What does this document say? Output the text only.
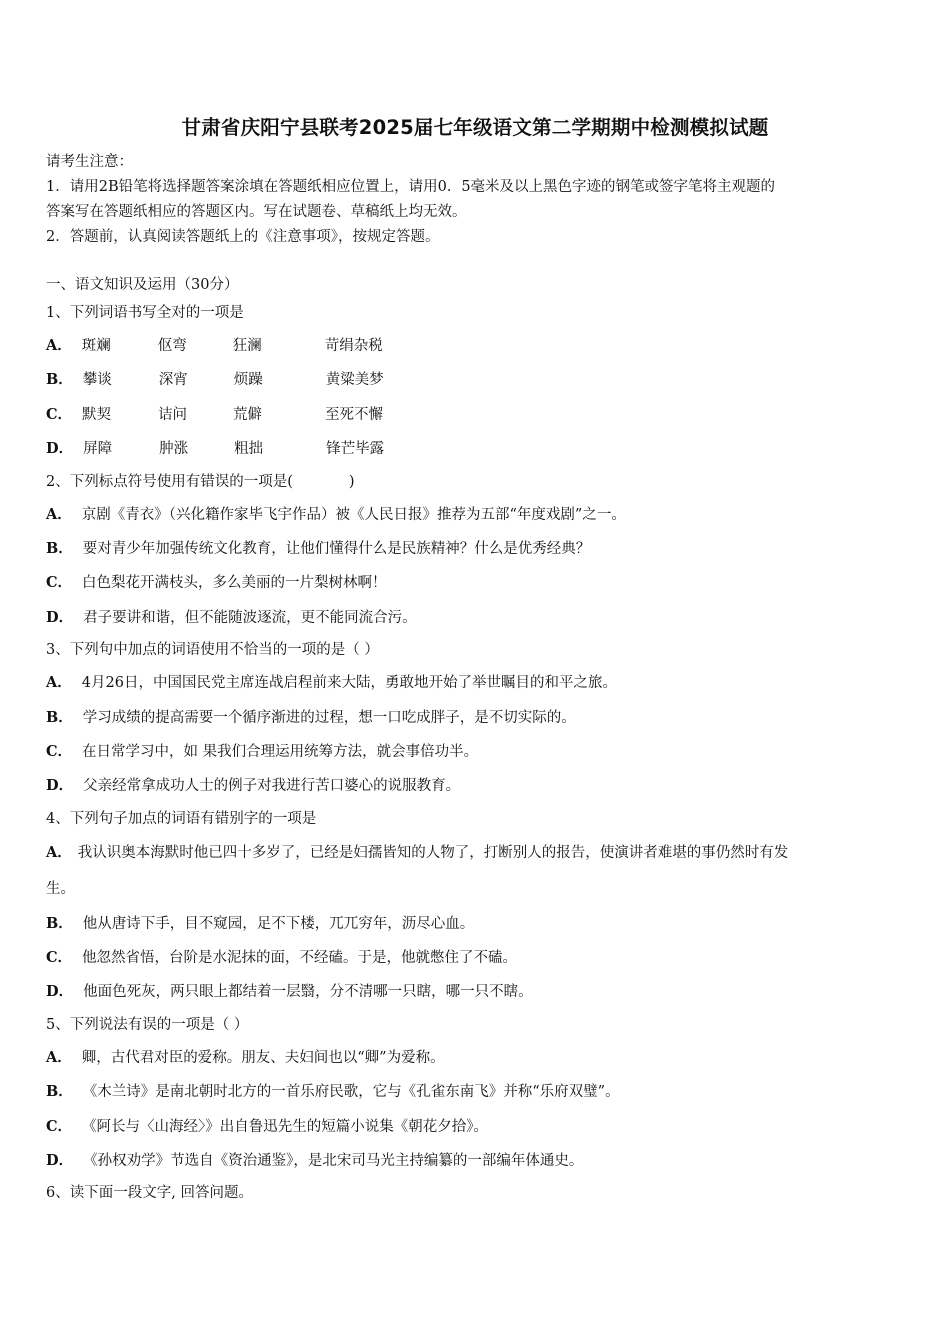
甘肃省庆阳宁县联考2025届七年级语文第二学期期中检测模拟试题
请考生注意：
1．请用2B铅笔将选择题答案涂填在答题纸相应位置上，请用0．5毫米及以上黑色字迹的钢笔或签字笔将主观题的
答案写在答题纸相应的答题区内。写在试题卷、草稿纸上均无效。
2．答题前，认真阅读答题纸上的《注意事项》，按规定答题。
一、语文知识及运用（30分）
1、下列词语书写全对的一项是
A． 斑斓	伛弯	狂澜	苛绢杂税
B． 攀谈	深宵	烦躁	黄粱美梦
C． 默契	诘问	荒僻	至死不懈
D． 屏障	肿涨	粗拙	锋芒毕露
2、下列标点符号使用有错误的一项是(	)
A． 京剧《青衣》（兴化籍作家毕飞宇作品）被《人民日报》推荐为五部“年度戏剧”之一。
B． 要对青少年加强传统文化教育，让他们懂得什么是民族精神？什么是优秀经典？
C． 白色梨花开满枝头，多么美丽的一片梨树林啊！
D． 君子要讲和谐，但不能随波逐流，更不能同流合污。
3、下列句中加点的词语使用不恰当的一项的是（ ）
A． 4月26日，中国国民党主席连战启程前来大陆，勇敢地开始了举世瞩目的和平之旅。
B． 学习成绩的提高需要一个循序渐进的过程，想一口吃成胖子，是不切实际的。
C． 在日常学习中，如 果我们合理运用统筹方法，就会事倍功半。
D． 父亲经常拿成功人士的例子对我进行苦口婆心的说服教育。
4、下列句子加点的词语有错别字的一项是
A． 我认识奥本海默时他已四十多岁了，已经是妇孺皆知的人物了，打断别人的报告，使演讲者难堪的事仍然时有发
生。
B． 他从唐诗下手，目不窥园，足不下楼，兀兀穷年，沥尽心血。
C． 他忽然省悟，台阶是水泥抹的面，不经磕。于是，他就憋住了不磕。
D． 他面色死灰，两只眼上都结着一层翳，分不清哪一只瞎，哪一只不瞎。
5、下列说法有误的一项是（ ）
A． 卿，古代君对臣的爱称。朋友、夫妇间也以“卿”为爱称。
B． 《木兰诗》是南北朝时北方的一首乐府民歌，它与《孔雀东南飞》并称“乐府双璧”。
C． 《阿长与〈山海经〉》出自鲁迅先生的短篇小说集《朝花夕拾》。
D． 《孙权劝学》节选自《资治通鉴》，是北宋司马光主持编纂的一部编年体通史。
6、读下面一段文字, 回答问题。
